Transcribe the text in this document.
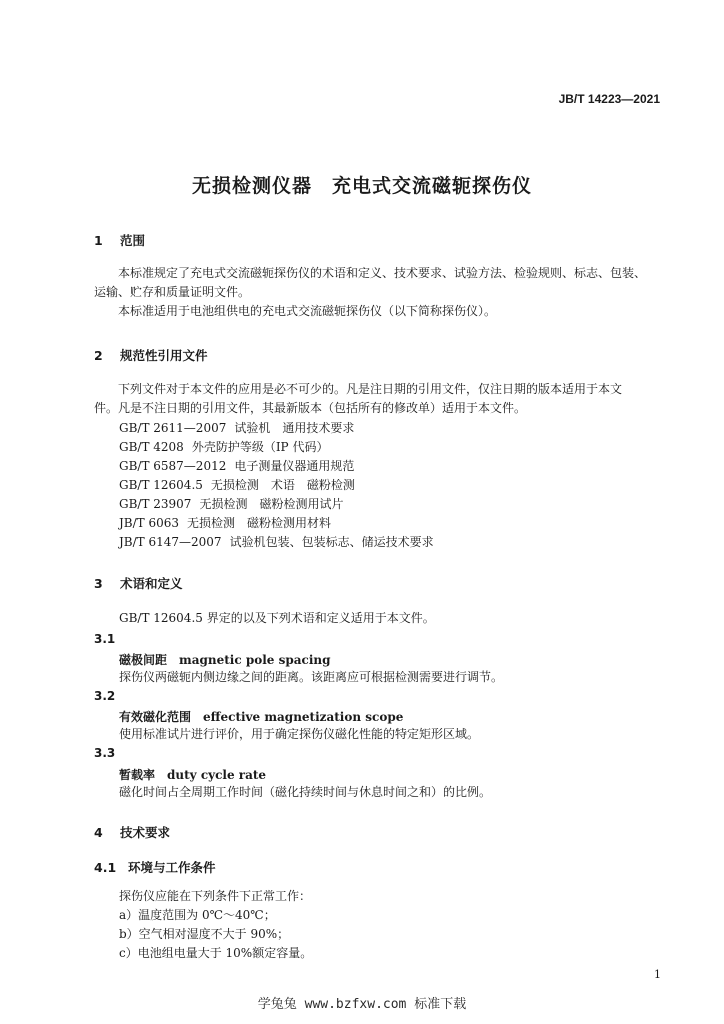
JB/T 14223—2021
无损检测仪器　充电式交流磁轭探伤仪
1 范围
本标准规定了充电式交流磁轭探伤仪的术语和定义、技术要求、试验方法、检验规则、标志、包装、
运输、贮存和质量证明文件。
本标准适用于电池组供电的充电式交流磁轭探伤仪（以下简称探伤仪）。
2 规范性引用文件
下列文件对于本文件的应用是必不可少的。凡是注日期的引用文件，仅注日期的版本适用于本文
件。凡是不注日期的引用文件，其最新版本（包括所有的修改单）适用于本文件。
GB/T 2611—2007 试验机 通用技术要求
GB/T 4208 外壳防护等级（IP 代码）
GB/T 6587—2012 电子测量仪器通用规范
GB/T 12604.5 无损检测　术语 磁粉检测
GB/T 23907 无损检测 磁粉检测用试片
JB/T 6063 无损检测 磁粉检测用材料
JB/T 6147—2007 试验机包装、包装标志、储运技术要求
3 术语和定义
GB/T 12604.5 界定的以及下列术语和定义适用于本文件。
3.1
磁极间距 magnetic pole spacing
探伤仪两磁轭内侧边缘之间的距离。该距离应可根据检测需要进行调节。
3.2
有效磁化范围 effective magnetization scope
使用标准试片进行评价，用于确定探伤仪磁化性能的特定矩形区域。
3.3
暂载率 duty cycle rate
磁化时间占全周期工作时间（磁化持续时间与休息时间之和）的比例。
4 技术要求
4.1 环境与工作条件
探伤仪应能在下列条件下正常工作：
a）温度范围为 0℃～40℃；
b）空气相对湿度不大于 90%；
c）电池组电量大于 10%额定容量。
1
学兔兔 www.bzfxw.com 标准下载
